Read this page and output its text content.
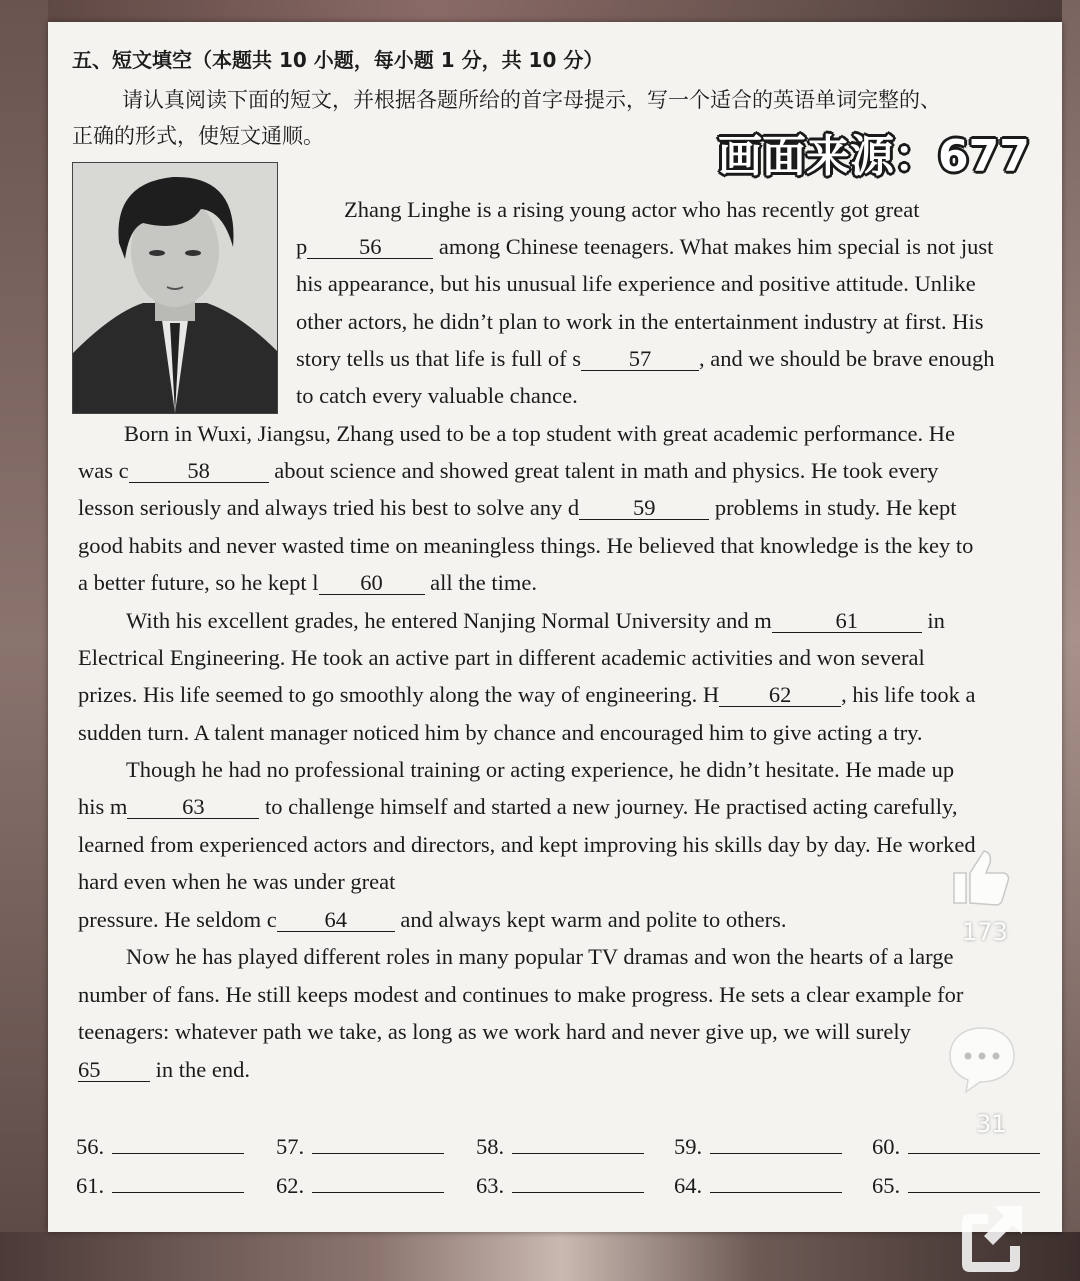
五、短文填空（本题共 10 小题，每小题 1 分，共 10 分）
请认真阅读下面的短文，并根据各题所给的首字母提示，写一个适合的英语单词完整的、
正确的形式，使短文通顺。	画面来源：677
Zhang Linghe is a rising young actor who has recently got great
p 56 among Chinese teenagers. What makes him special is not just
his appearance, but his unusual life experience and positive attitude. Unlike
other actors, he didn’t plan to work in the entertainment industry at first. His
story tells us that life is full of s 57 , and we should be brave enough
to catch every valuable chance.
Born in Wuxi, Jiangsu, Zhang used to be a top student with great academic performance. He
was c	58	about science and showed great talent in math and physics. He took every
lesson seriously and always tried his best to solve any d 59 problems in study. He kept
good habits and never wasted time on meaningless things. He believed that knowledge is the key to
a better future, so he kept l 60 all the time.
With his excellent grades, he entered Nanjing Normal University and m	61	in
Electrical Engineering. He took an active part in different academic activities and won several
prizes. His life seemed to go smoothly along the way of engineering. H 62 , his life took a
sudden turn. A talent manager noticed him by chance and encouraged him to give acting a try.
Though he had no professional training or acting experience, he didn’t hesitate. He made up
his m 63 to challenge himself and started a new journey. He practised acting carefully,
learned from experienced actors and directors, and kept improving his skills day by day. He worked
hard even when he was under great
pressure. He seldom c 64 and always kept warm and polite to others.
Now he has played different roles in many popular TV dramas and won the hearts of a large
number of fans. He still keeps modest and continues to make progress. He sets a clear example for
teenagers: whatever path we take, as long as we work hard and never give up, we will surely
65 in the end.
56.	57.	58.	59.	60.
61.	62.	63.	64.	65.
173
31
